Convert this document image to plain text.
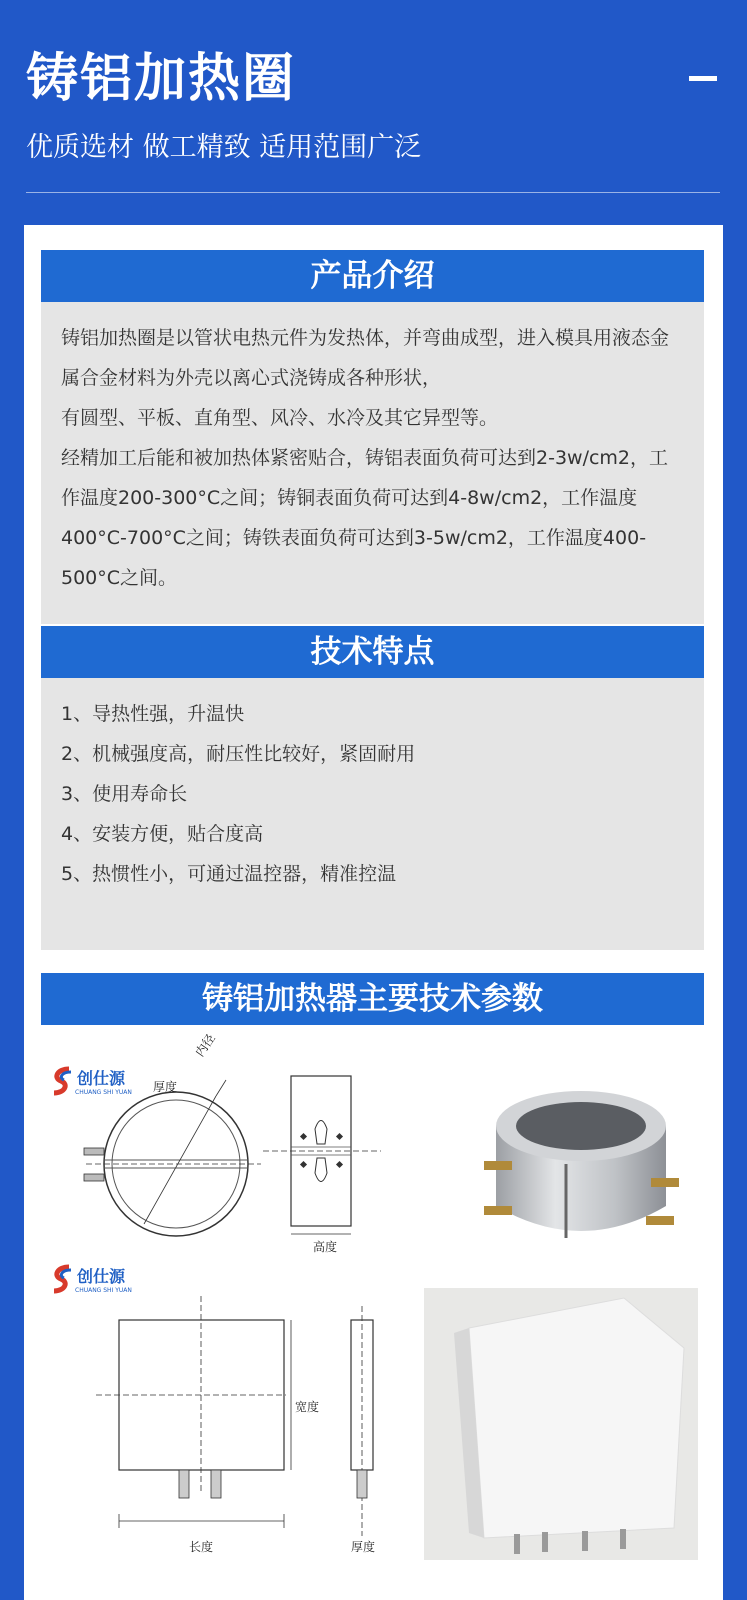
铸铝加热圈
优质选材 做工精致 适用范围广泛
产品介绍

铸铝加热圈是以管状电热元件为发热体，并弯曲成型，进入模具用液态金属合金材料为外壳以离心式浇铸成各种形状，

有圆型、平板、直角型、风冷、水冷及其它异型等。

经精加工后能和被加热体紧密贴合，铸铝表面负荷可达到2-3w/cm2，工作温度200-300°C之间；铸铜表面负荷可达到4-8w/cm2，工作温度400°C-700°C之间；铸铁表面负荷可达到3-5w/cm2，工作温度400-500°C之间。

技术特点
1、导热性强，升温快
2、机械强度高，耐压性比较好，紧固耐用
3、使用寿命长
4、安装方便，贴合度高
5、热惯性小，可通过温控器，精准控温
铸铝加热器主要技术参数
创仕源
CHUANG SHI YUAN 厚度
内径
高度
创仕源
CHUANG SHI YUAN
宽度
长度	厚度
